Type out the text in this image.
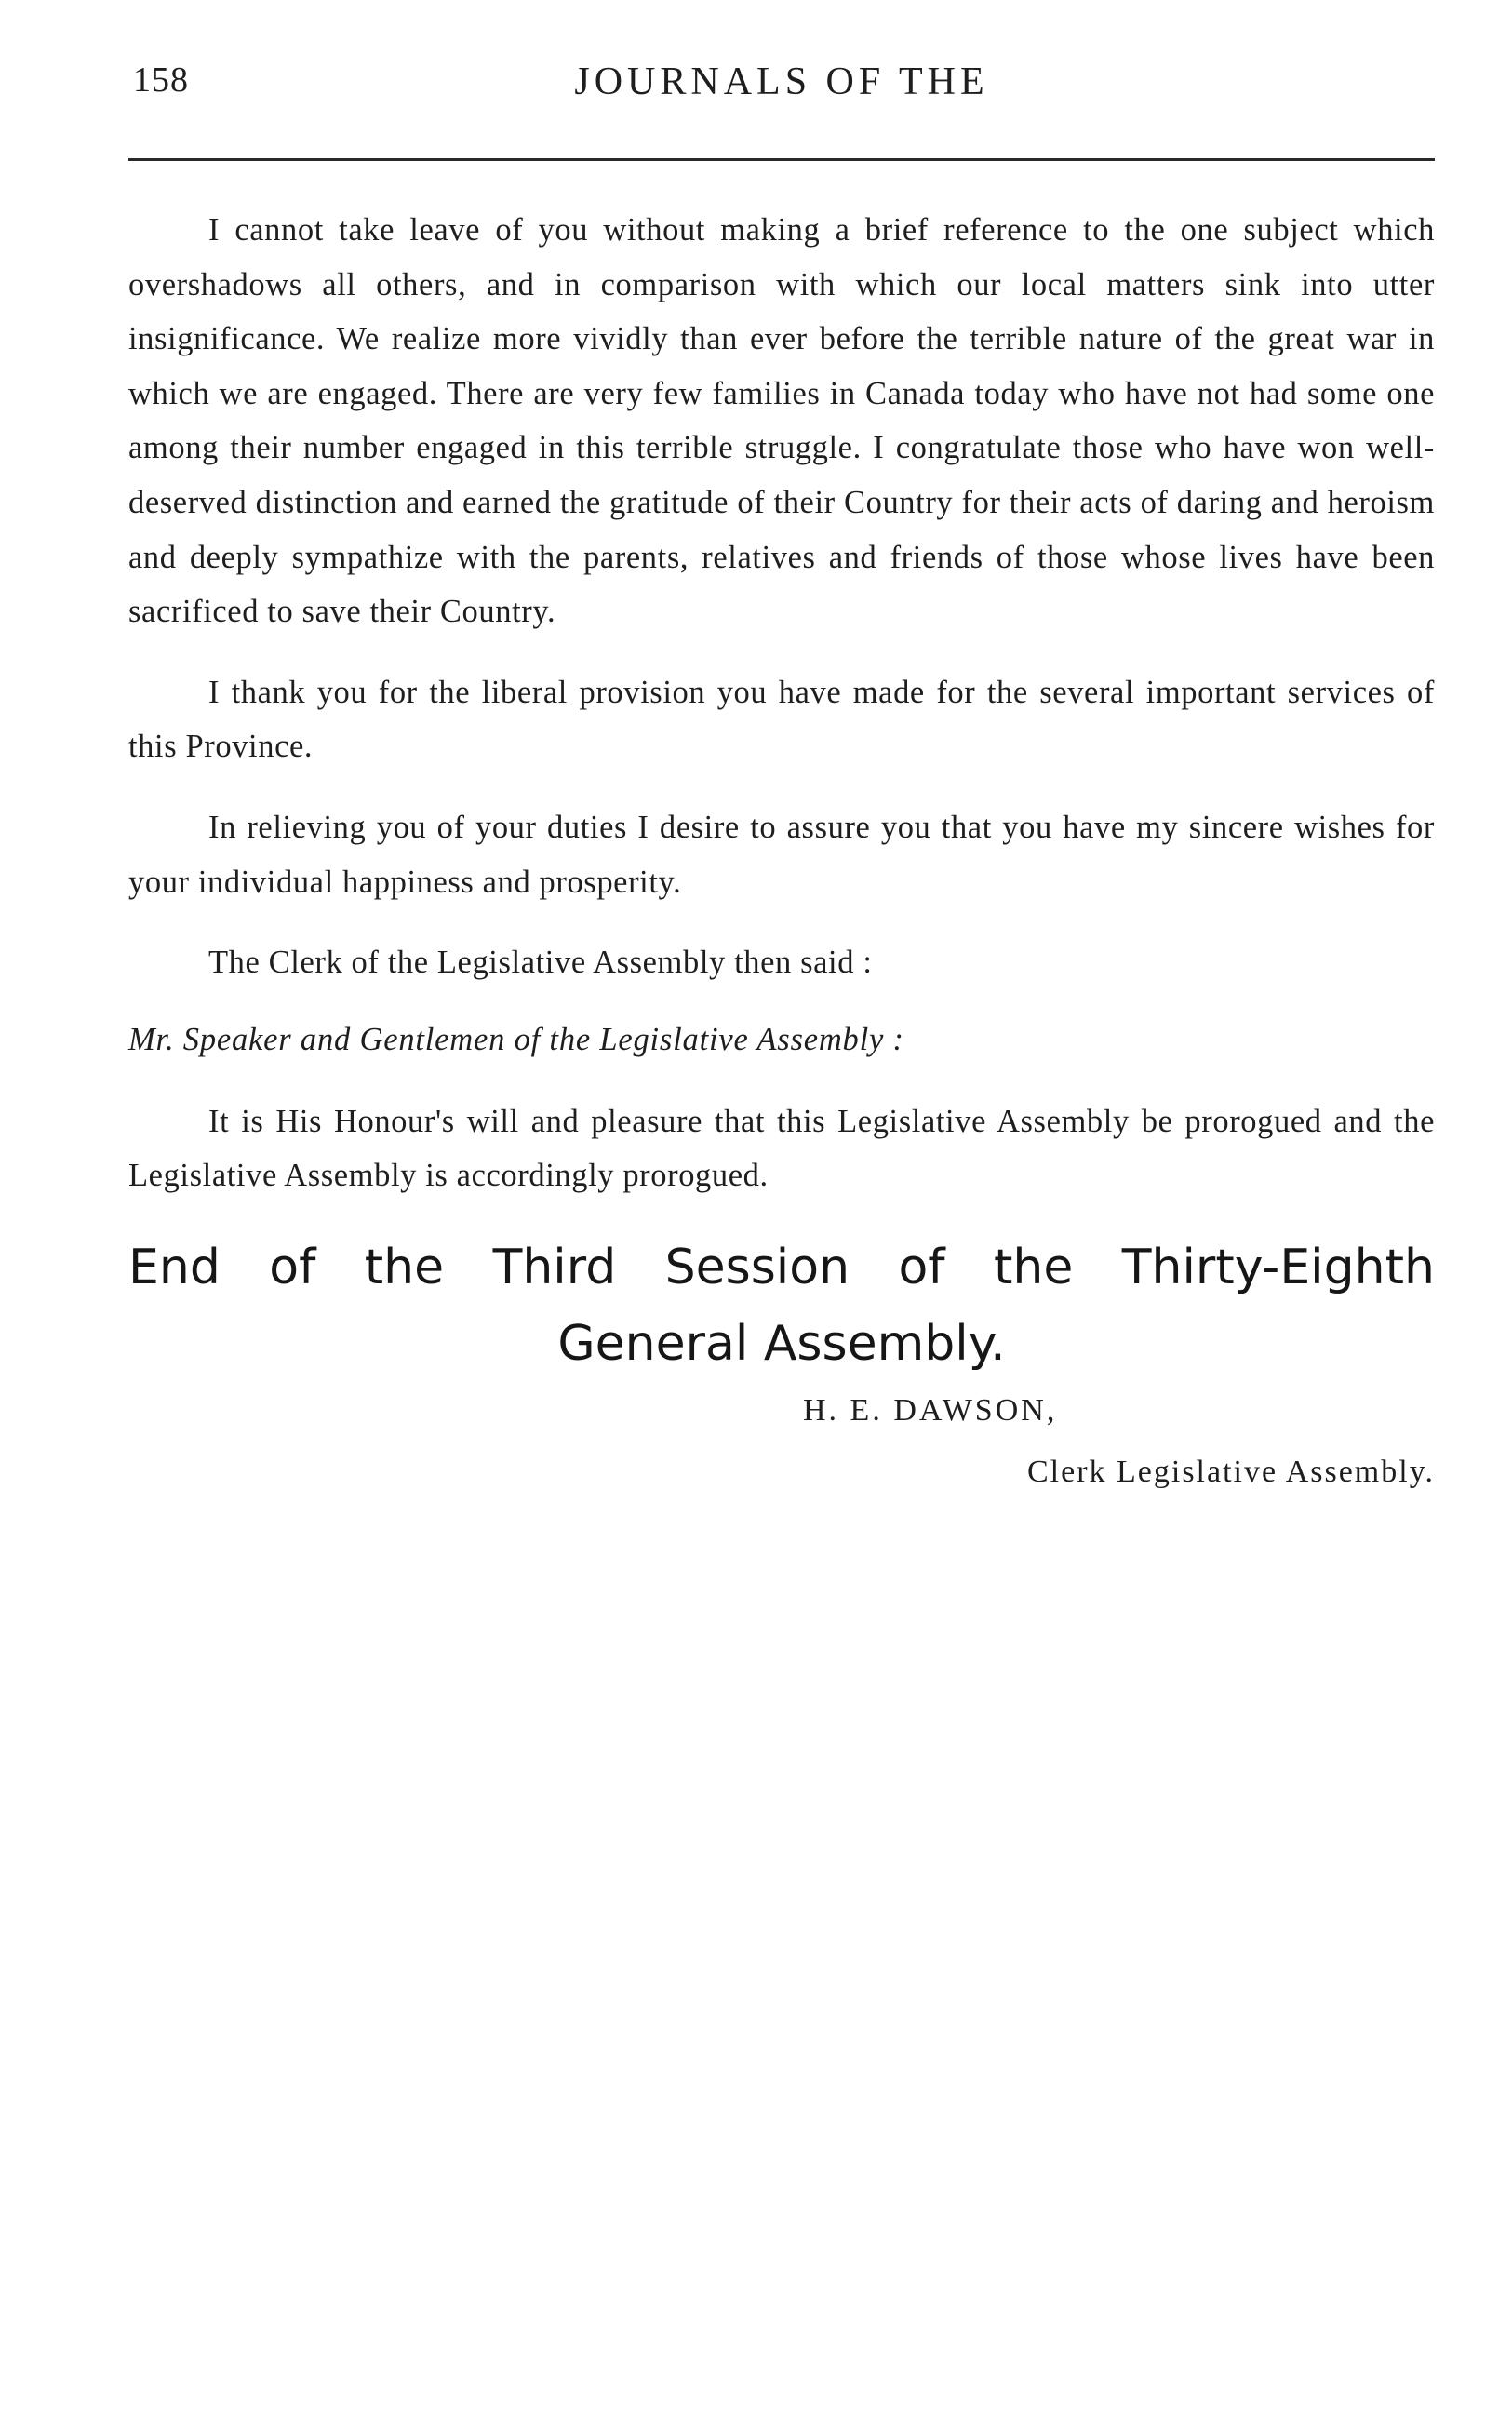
158	JOURNALS OF THE

I cannot take leave of you without making a brief reference to the one subject which overshadows all others, and in comparison with which our local matters sink into utter insignificance. We realize more vividly than ever before the terrible nature of the great war in which we are engaged. There are very few families in Canada today who have not had some one among their number engaged in this terrible struggle. I congratulate those who have won well-deserved distinction and earned the gratitude of their Country for their acts of daring and heroism and deeply sympathize with the parents, relatives and friends of those whose lives have been sacrificed to save their Country.

I thank you for the liberal provision you have made for the several important services of this Province.

In relieving you of your duties I desire to assure you that you have my sincere wishes for your individual happiness and prosperity.

The Clerk of the Legislative Assembly then said :

Mr. Speaker and Gentlemen of the Legislative Assembly :

It is His Honour's will and pleasure that this Legislative Assembly be prorogued and the Legislative Assembly is accordingly prorogued.

End of the Third Session of the Thirty-Eighth
General Assembly.
H. E. DAWSON,
Clerk Legislative Assembly.
